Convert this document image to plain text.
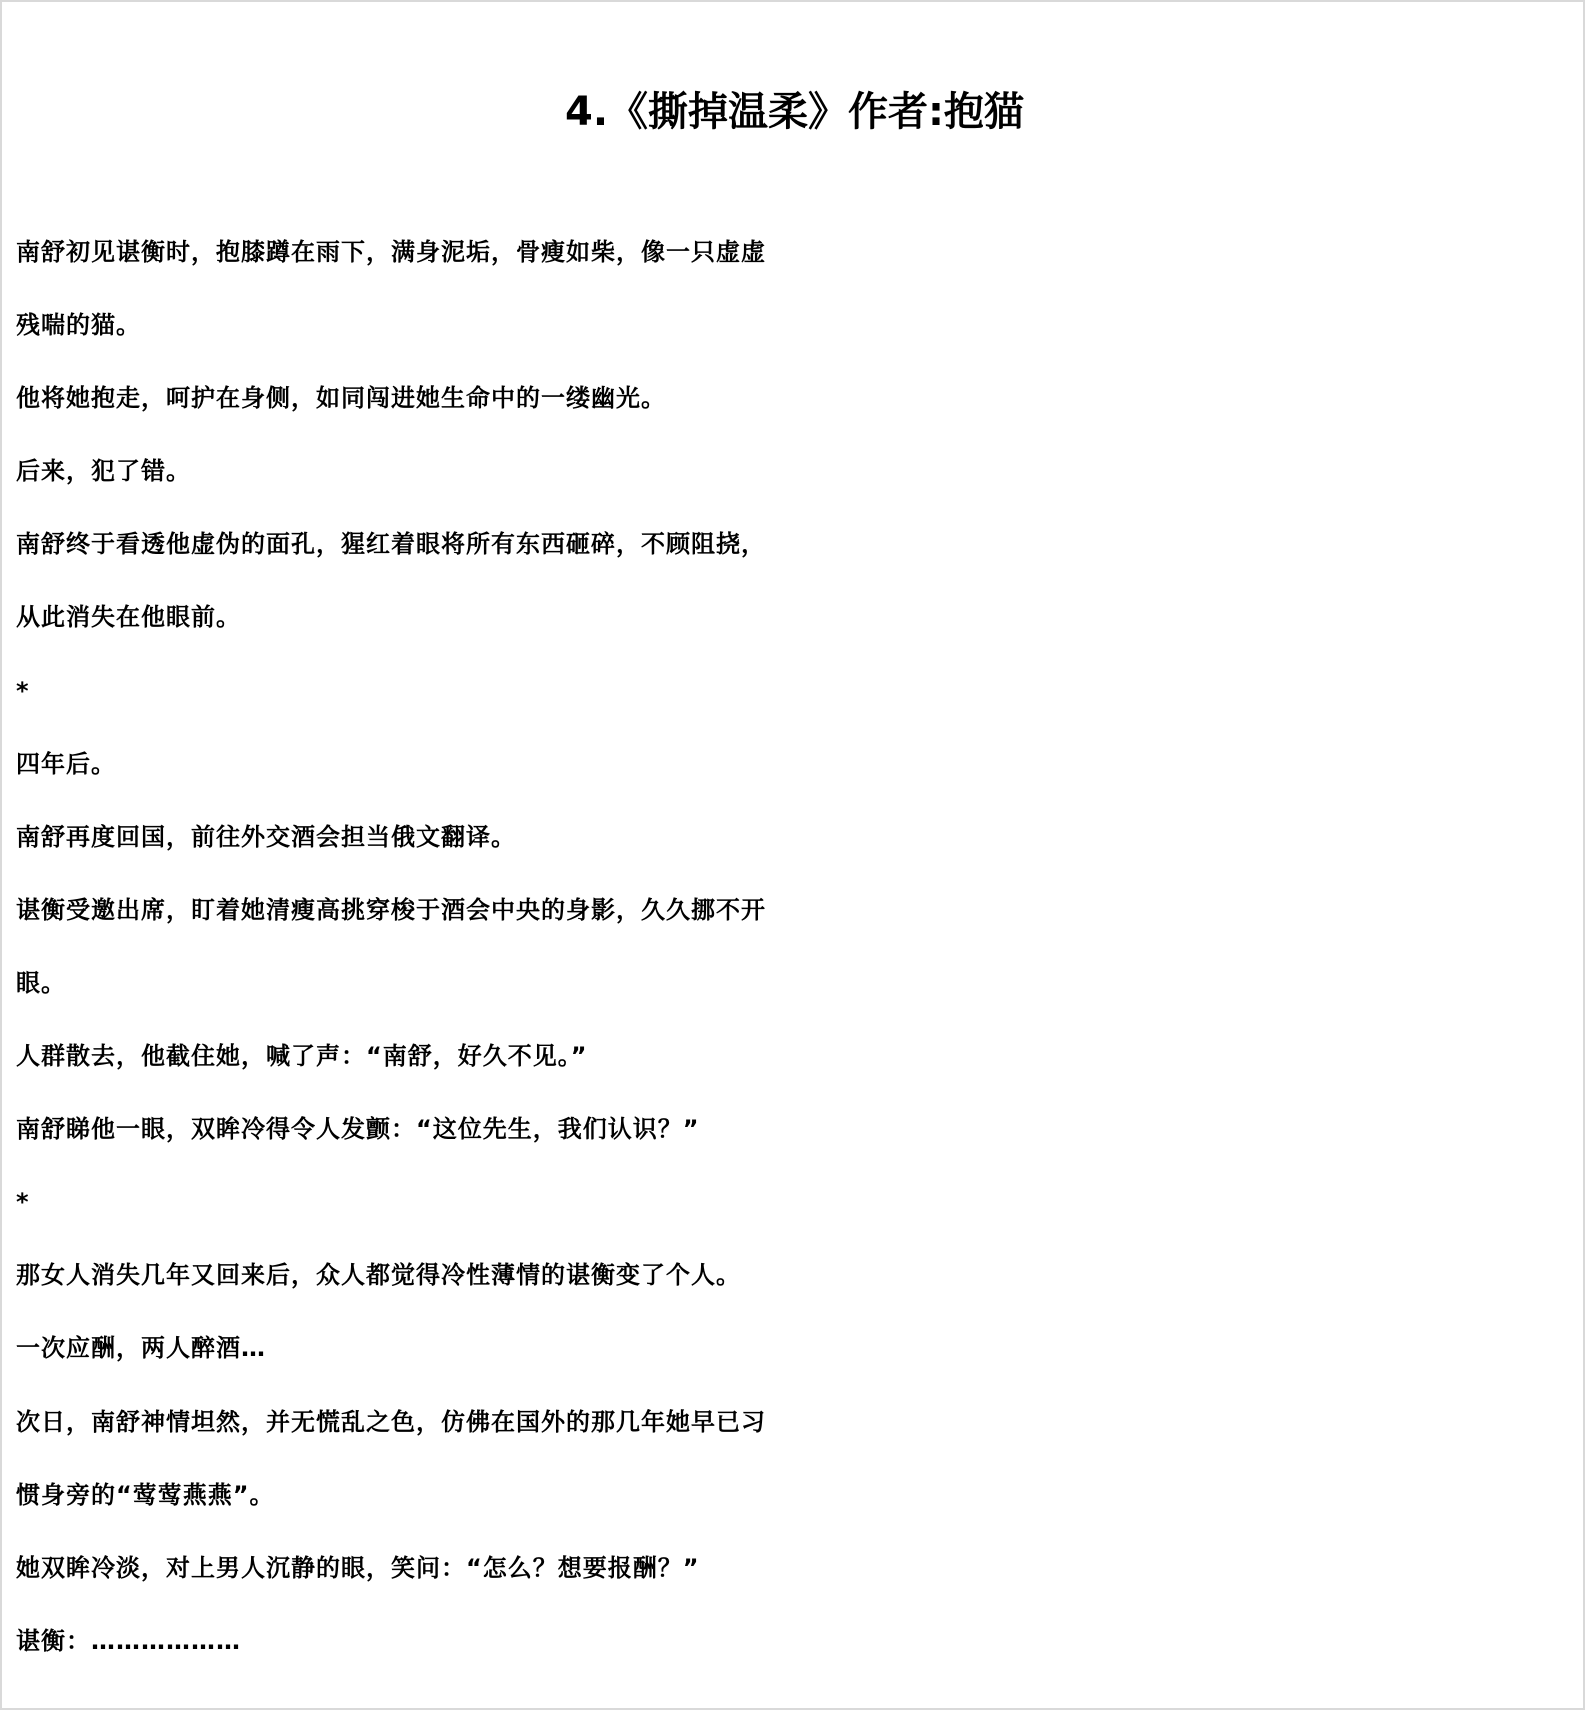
4.《撕掉温柔》作者:抱猫
南舒初见谌衡时，抱膝蹲在雨下，满身泥垢，骨瘦如柴，像一只虚虚
残喘的猫。
他将她抱走，呵护在身侧，如同闯进她生命中的一缕幽光。
后来，犯了错。
南舒终于看透他虚伪的面孔，猩红着眼将所有东西砸碎，不顾阻挠，
从此消失在他眼前。
*
四年后。
南舒再度回国，前往外交酒会担当俄文翻译。
谌衡受邀出席，盯着她清瘦高挑穿梭于酒会中央的身影，久久挪不开
眼。
人群散去，他截住她，喊了声：“南舒，好久不见。”
南舒睇他一眼，双眸冷得令人发颤：“这位先生，我们认识？”
*
那女人消失几年又回来后，众人都觉得冷性薄情的谌衡变了个人。
一次应酬，两人醉酒…
次日，南舒神情坦然，并无慌乱之色，仿佛在国外的那几年她早已习
惯身旁的“莺莺燕燕”。
她双眸冷淡，对上男人沉静的眼，笑问：“怎么？想要报酬？”
谌衡：………………
